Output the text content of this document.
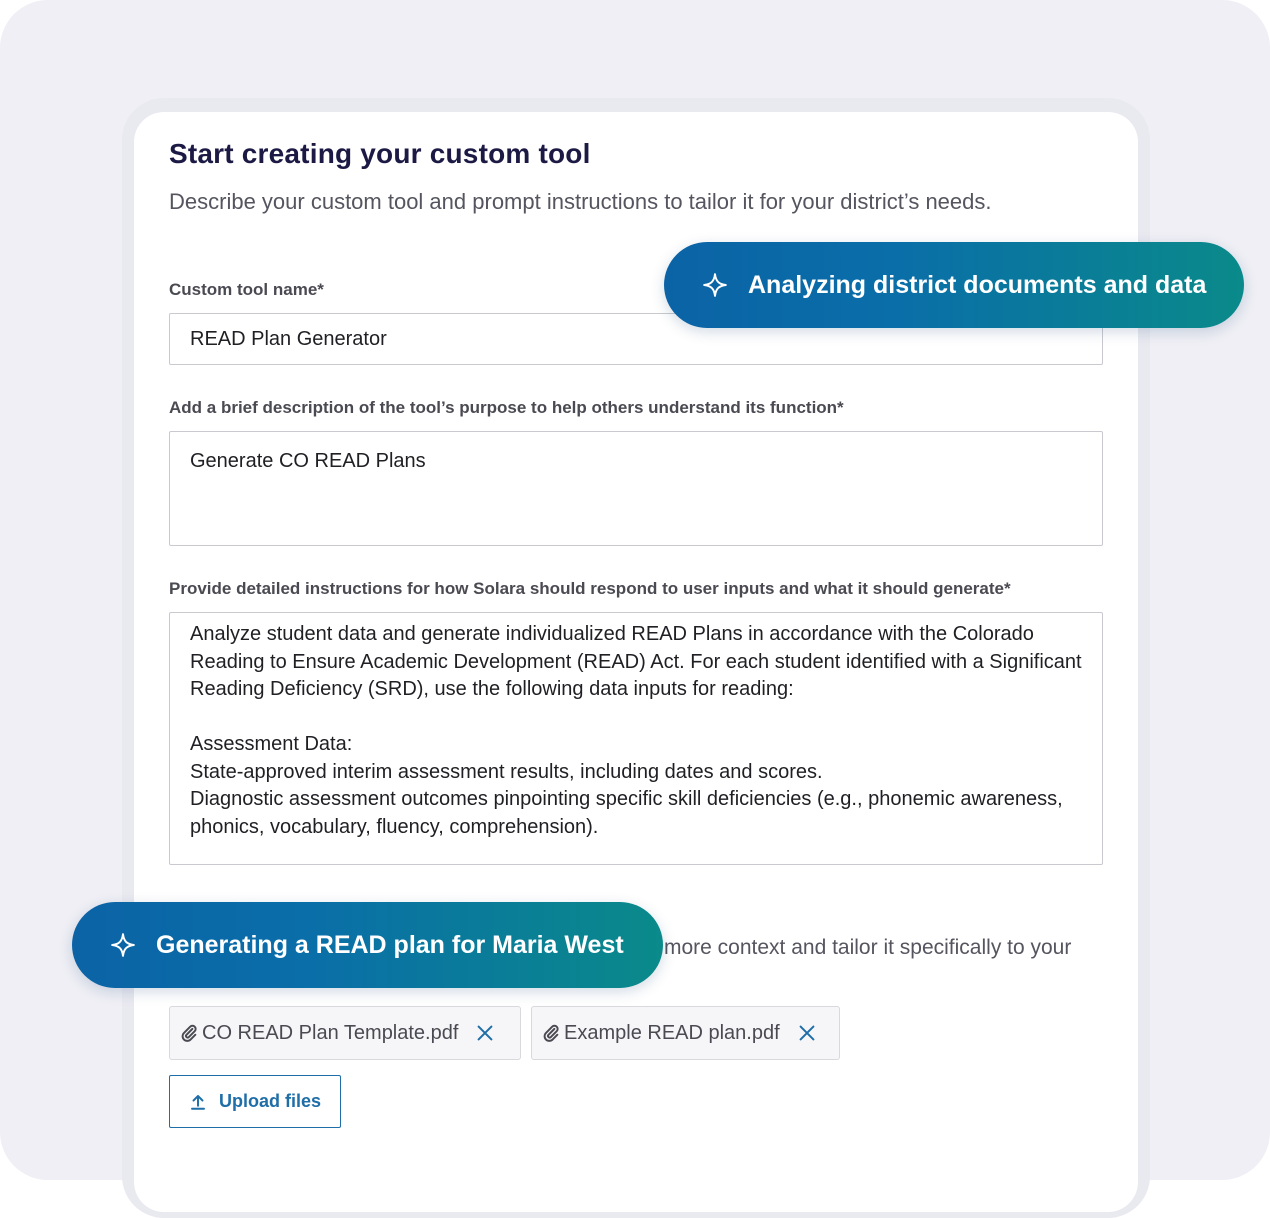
Start creating your custom tool

Describe your custom tool and prompt instructions to tailor it for your district’s needs.

Custom tool name*

READ Plan Generator

Add a brief description of the tool’s purpose to help others understand its function*

Generate CO READ Plans

Provide detailed instructions for how Solara should respond to user inputs and what it should generate*

Analyze student data and generate individualized READ Plans in accordance with the Colorado Reading to Ensure Academic Development (READ) Act. For each student identified with a Significant Reading Deficiency (SRD), use the following data inputs for reading:

Assessment Data:

State-approved interim assessment results, including dates and scores.

Diagnostic assessment outcomes pinpointing specific skill deficiencies (e.g., phonemic awareness, phonics, vocabulary, fluency, comprehension).

more context and tailor it specifically to your

CO READ Plan Template.pdf	Example READ plan.pdf
Upload files
Analyzing district documents and data
Generating a READ plan for Maria West
